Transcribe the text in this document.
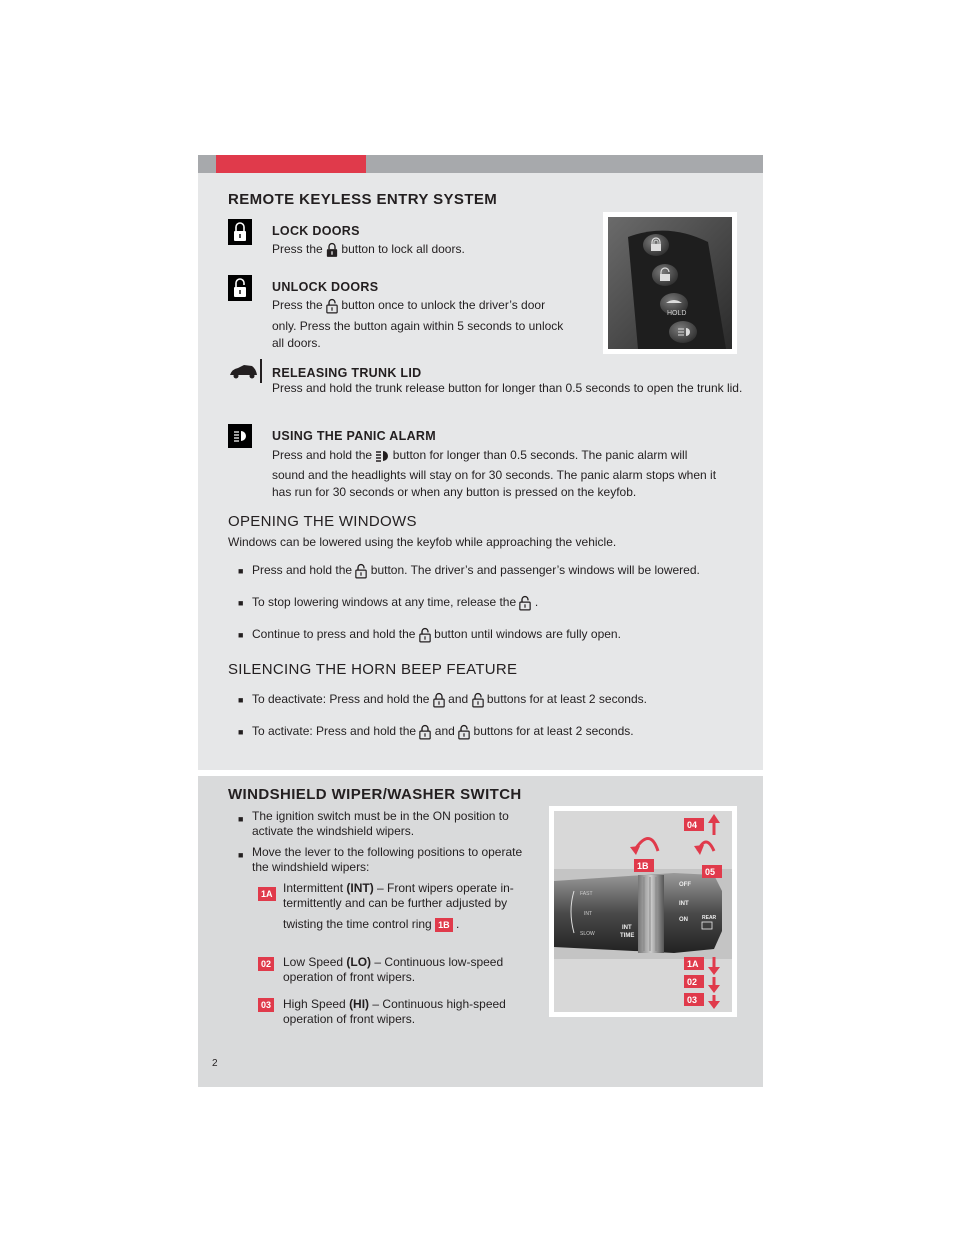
REMOTE KEYLESS ENTRY SYSTEM
LOCK DOORS
Press the button to lock all doors.
UNLOCK DOORS
Press the button once to unlock the driver’s door
only. Press the button again within 5 seconds to unlock
all doors.
HOLD
RELEASING TRUNK LID
Press and hold the trunk release button for longer than 0.5 seconds to open the trunk lid.
USING THE PANIC ALARM
Press and hold the button for longer than 0.5 seconds. The panic alarm will
sound and the headlights will stay on for 30 seconds. The panic alarm stops when it
has run for 30 seconds or when any button is pressed on the keyfob.
OPENING THE WINDOWS
Windows can be lowered using the keyfob while approaching the vehicle.
■ Press and hold the button. The driver’s and passenger’s windows will be lowered.
■ To stop lowering windows at any time, release the .
■ Continue to press and hold the button until windows are fully open.
SILENCING THE HORN BEEP FEATURE
■ To deactivate: Press and hold the and buttons for at least 2 seconds.
■ To activate: Press and hold the and buttons for at least 2 seconds.
WINDSHIELD WIPER/WASHER SWITCH
■ The ignition switch must be in the ON position to
activate the windshield wipers.
■ Move the lever to the following positions to operate
the windshield wipers:
1A Intermittent (INT) – Front wipers operate in-
termittently and can be further adjusted by
twisting the time control ring 1B .
02 Low Speed (LO) – Continuous low-speed
operation of front wipers.
03 High Speed (HI) – Continuous high-speed
operation of front wipers.
FAST
INT
SLOW
INT
TIME
OFF
INT
ON	REAR
04
05
1B
1A
02
03
2
